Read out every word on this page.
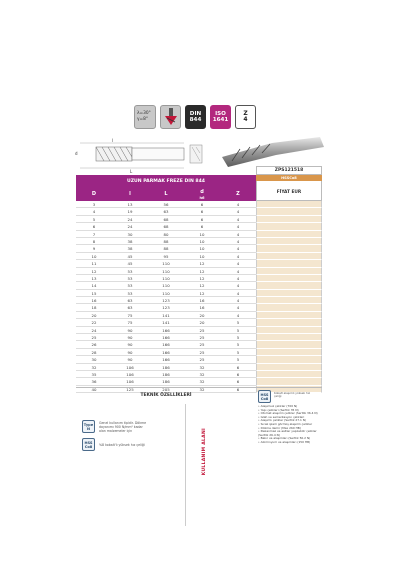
λ=30°
γ=8°
DIN
844
ISO
1641
Z
4
d
l
L	ZPS121518
UZUN PARMAK FREZE DIN 844
HSSCo8
D	l	L	d
h6
Z	FİYAT EUR
3	13	56	6	4
4	19	63	6	4
5	24	68	6	4
6	24	68	6	4
7	30	80	10	4
8	38	88	10	4
9	38	88	10	4
10	45	95	10	4
11	45	110	12	4
12	53	110	12	4
13	53	110	12	4
14	53	110	12	4
15	53	110	12	4
16	63	123	16	4
18	63	123	16	4
20	75	141	20	4
22	75	141	20	5
24	90	166	25	5
25	90	166	25	5
26	90	166	25	5
28	90	166	25	5
30	90	166	25	5
32	106	186	32	6
35	106	186	32	6
36	106	186	32	6
40	125	205	32	6
TEKNİK ÖZELLİKLERİ
Type
N
Genel kullanım tipidir. Dökme dayanımı 900 N/mm² kadar olan malzemeler için
HSS
Co8 %8 kobalt'lı yüksek hız çeliği	KULLANIM ALANI
HSS
Co8
Kobalt alaşımlı yüksek hız çeliği
• Alaşımsız çelikler (700 N)
• Yapı çelikleri (Sertlik 35 N)
• Otomat alaşımlı çelikler (Sertlik 36.4 N)
• Islah ve sementasyon çelikleri
• Alaşımlı çelikler (Sertlik 27.1 N)
• Sıcak işlem görmüş alaşımlı çelikler
• Dökme demir (Max 260 HB)
• Paslanmaz ve asitler yapılabilir çelikler (Sertlik 26.4 N)
• Bakır ve alaşımları (Sertlik 50.2 N)
• Alüminyum ve alaşımları (150 HB)
